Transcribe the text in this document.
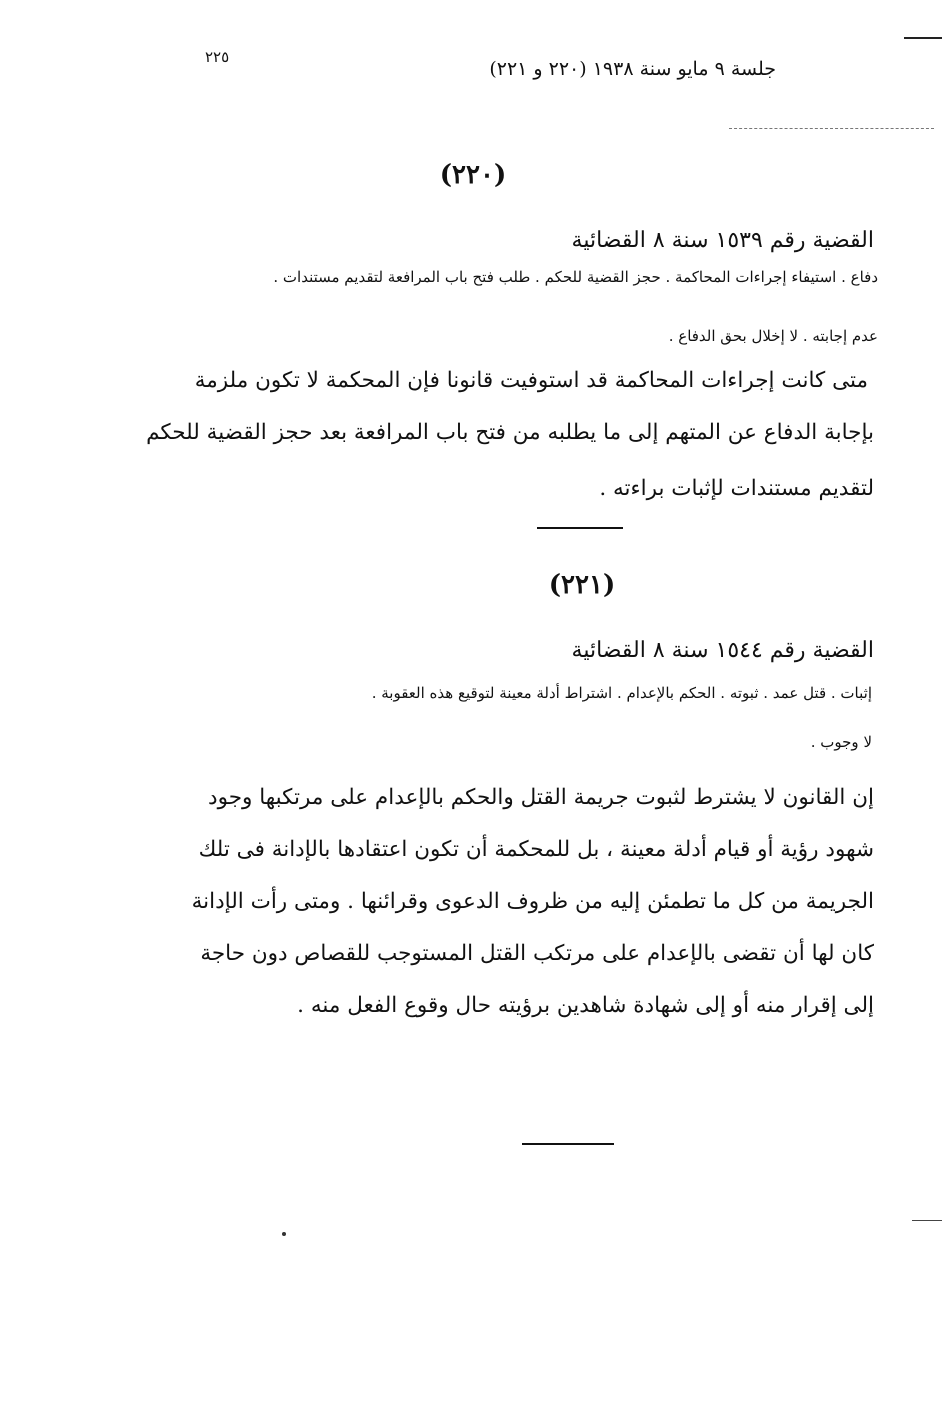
٢٢٥
جلسة ٩ مايو سنة ١٩٣٨ (٢٢٠ و ٢٢١)
(٢٢٠)
القضية رقم ١٥٣٩ سنة ٨ القضائية
دفاع . استيفاء إجراءات المحاكمة . حجز القضية للحكم . طلب فتح باب المرافعة لتقديم مستندات .
عدم إجابته . لا إخلال بحق الدفاع .
متى كانت إجراءات المحاكمة قد استوفيت قانونا فإن المحكمة لا تكون ملزمة
بإجابة الدفاع عن المتهم إلى ما يطلبه من فتح باب المرافعة بعد حجز القضية للحكم
لتقديم مستندات لإثبات براءته .
(٢٢١)
القضية رقم ١٥٤٤ سنة ٨ القضائية
إثبات . قتل عمد . ثبوته . الحكم بالإعدام . اشتراط أدلة معينة لتوقيع هذه العقوبة .
لا وجوب .
إن القانون لا يشترط لثبوت جريمة القتل والحكم بالإعدام على مرتكبها وجود
شهود رؤية أو قيام أدلة معينة ، بل للمحكمة أن تكون اعتقادها بالإدانة فى تلك
الجريمة من كل ما تطمئن إليه من ظروف الدعوى وقرائنها . ومتى رأت الإدانة
كان لها أن تقضى بالإعدام على مرتكب القتل المستوجب للقصاص دون حاجة
إلى إقرار منه أو إلى شهادة شاهدين برؤيته حال وقوع الفعل منه .
